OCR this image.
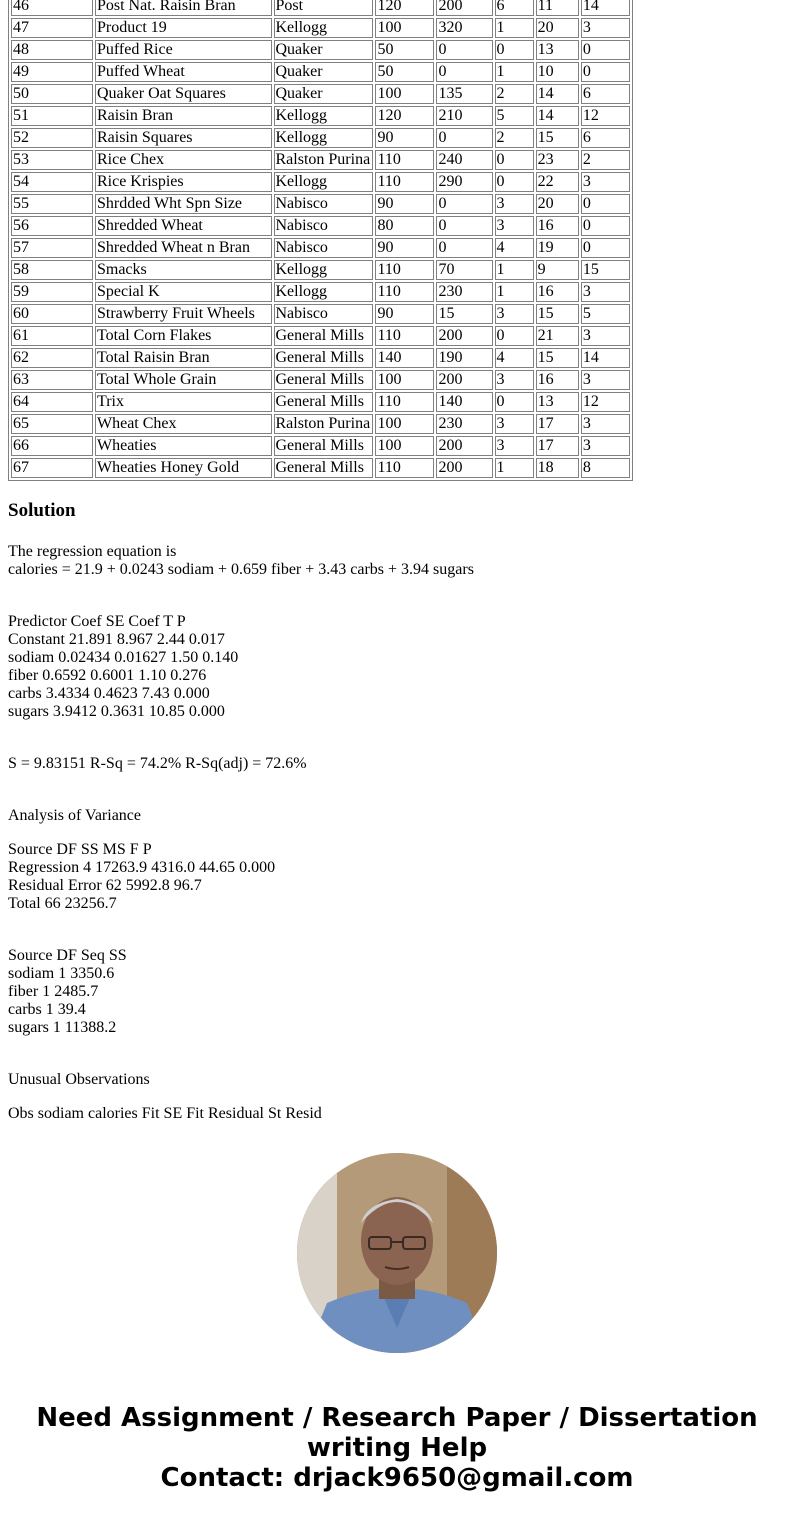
46	Post Nat. Raisin Bran	Post	120	200	6	11	14
47	Product 19	Kellogg	100	320	1	20	3
48	Puffed Rice	Quaker	50	0	0	13	0
49	Puffed Wheat	Quaker	50	0	1	10	0
50	Quaker Oat Squares	Quaker	100	135	2	14	6
51	Raisin Bran	Kellogg	120	210	5	14	12
52	Raisin Squares	Kellogg	90	0	2	15	6
53	Rice Chex	Ralston Purina	110	240	0	23	2
54	Rice Krispies	Kellogg	110	290	0	22	3
55	Shrdded Wht Spn Size	Nabisco	90	0	3	20	0
56	Shredded Wheat	Nabisco	80	0	3	16	0
57	Shredded Wheat n Bran	Nabisco	90	0	4	19	0
58	Smacks	Kellogg	110	70	1	9	15
59	Special K	Kellogg	110	230	1	16	3
60	Strawberry Fruit Wheels	Nabisco	90	15	3	15	5
61	Total Corn Flakes	General Mills	110	200	0	21	3
62	Total Raisin Bran	General Mills	140	190	4	15	14
63	Total Whole Grain	General Mills	100	200	3	16	3
64	Trix	General Mills	110	140	0	13	12
65	Wheat Chex	Ralston Purina	100	230	3	17	3
66	Wheaties	General Mills	100	200	3	17	3
67	Wheaties Honey Gold	General Mills	110	200	1	18	8
Solution

The regression equation is

calories = 21.9 + 0.0243 sodiam + 0.659 fiber + 3.43 carbs + 3.94 sugars

Predictor Coef SE Coef T P

Constant 21.891 8.967 2.44 0.017

sodiam 0.02434 0.01627 1.50 0.140

fiber 0.6592 0.6001 1.10 0.276

carbs 3.4334 0.4623 7.43 0.000

sugars 3.9412 0.3631 10.85 0.000

S = 9.83151 R-Sq = 74.2% R-Sq(adj) = 72.6%

Analysis of Variance

Source DF SS MS F P

Regression 4 17263.9 4316.0 44.65 0.000

Residual Error 62 5992.8 96.7

Total 66 23256.7

Source DF Seq SS

sodiam 1 3350.6

fiber 1 2485.7

carbs 1 39.4

sugars 1 11388.2

Unusual Observations

Obs sodiam calories Fit SE Fit Residual St Resid

Need Assignment / Research Paper / Dissertation
writing Help
Contact: drjack9650@gmail.com
